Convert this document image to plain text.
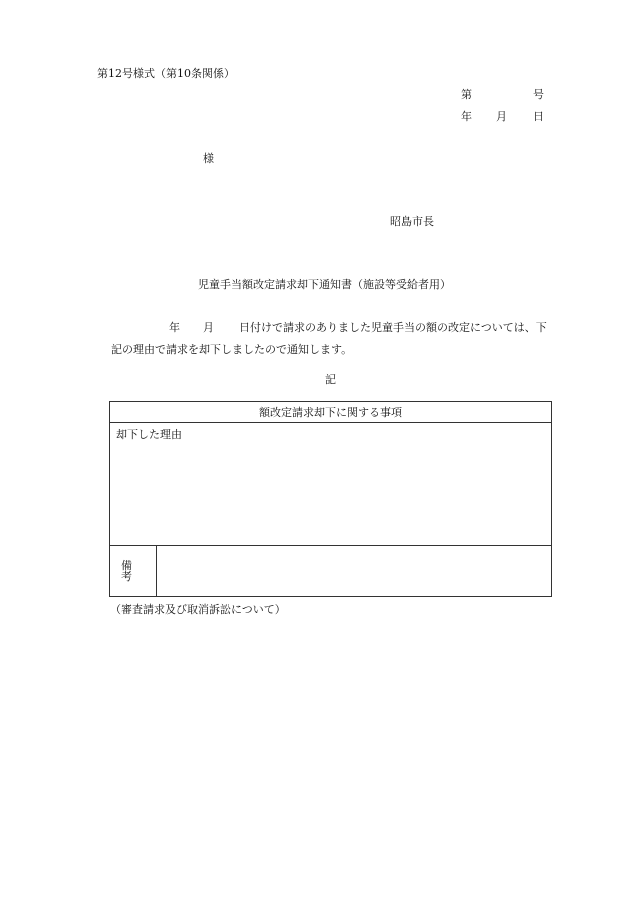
第12号様式（第10条関係）
第	号
年 月 日
様
昭島市長
児童手当額改定請求却下通知書（施設等受給者用）
年 月 日付けで請求のありました児童手当の額の改定については、下
記の理由で請求を却下しましたので通知します。
記
額改定請求却下に関する事項
却下した理由
備考
（審査請求及び取消訴訟について）
